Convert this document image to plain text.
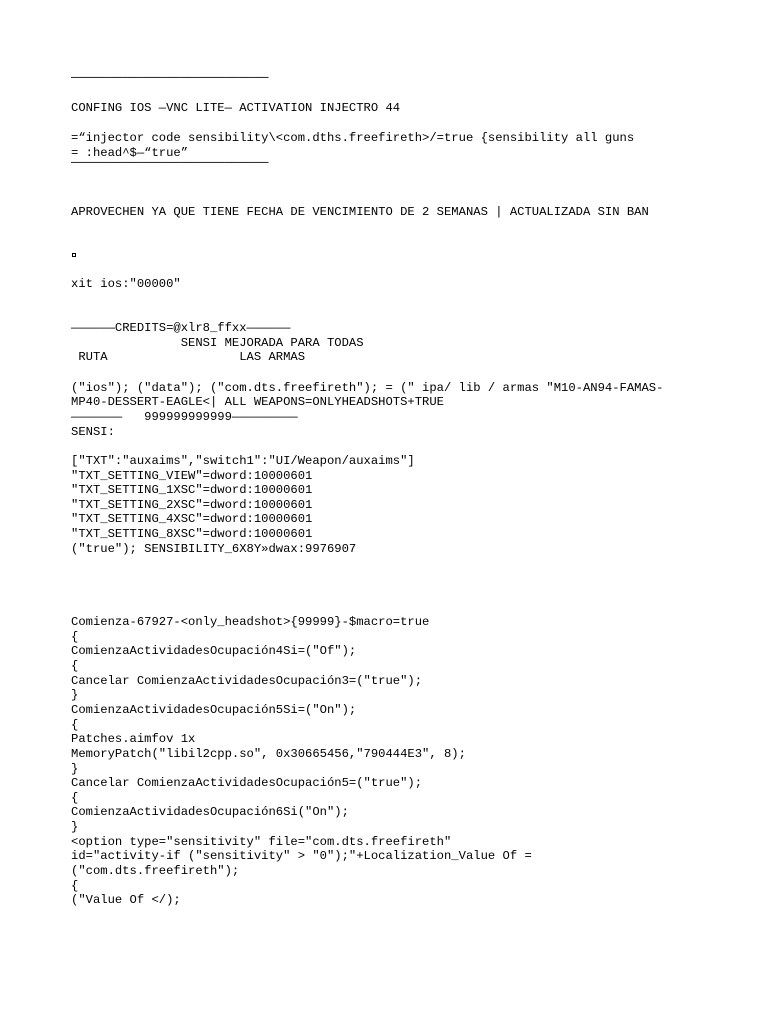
───────────────────────────
CONFING IOS —VNC LITE— ACTIVATION INJECTRO 44
=“injector code sensibility\<com.dths.freefireth>/=true {sensibility all guns
= :head^$—“true”
───────────────────────────
APROVECHEN YA QUE TIENE FECHA DE VENCIMIENTO DE 2 SEMANAS | ACTUALIZADA SIN BAN
xit ios:"00000"
——————CREDITS=@xlr8_ffxx——————
SENSI MEJORADA PARA TODAS
RUTA                  LAS ARMAS
("ios"); ("data"); ("com.dts.freefireth"); = (" ipa/ lib / armas "M10-AN94-FAMAS-
MP40-DESSERT-EAGLE<| ALL WEAPONS=ONLYHEADSHOTS+TRUE
———————   999999999999—————————
SENSI:
["TXT":"auxaims","switch1":"UI/Weapon/auxaims"]
"TXT_SETTING_VIEW"=dword:10000601
"TXT_SETTING_1XSC"=dword:10000601
"TXT_SETTING_2XSC"=dword:10000601
"TXT_SETTING_4XSC"=dword:10000601
"TXT_SETTING_8XSC"=dword:10000601
("true"); SENSIBILITY_6X8Y»dwax:9976907
Comienza-67927-<only_headshot>{99999}-$macro=true
{
ComienzaActividadesOcupación4Si=("Of");
{
Cancelar ComienzaActividadesOcupación3=("true");
}
ComienzaActividadesOcupación5Si=("On");
{
Patches.aimfov 1x
MemoryPatch("libil2cpp.so", 0x30665456,"790444E3", 8);
}
Cancelar ComienzaActividadesOcupación5=("true");
{
ComienzaActividadesOcupación6Si("On");
}
<option type="sensitivity" file="com.dts.freefireth"
id="activity-if ("sensitivity" > "0");"+Localization_Value Of =
("com.dts.freefireth");
{
("Value Of </);
